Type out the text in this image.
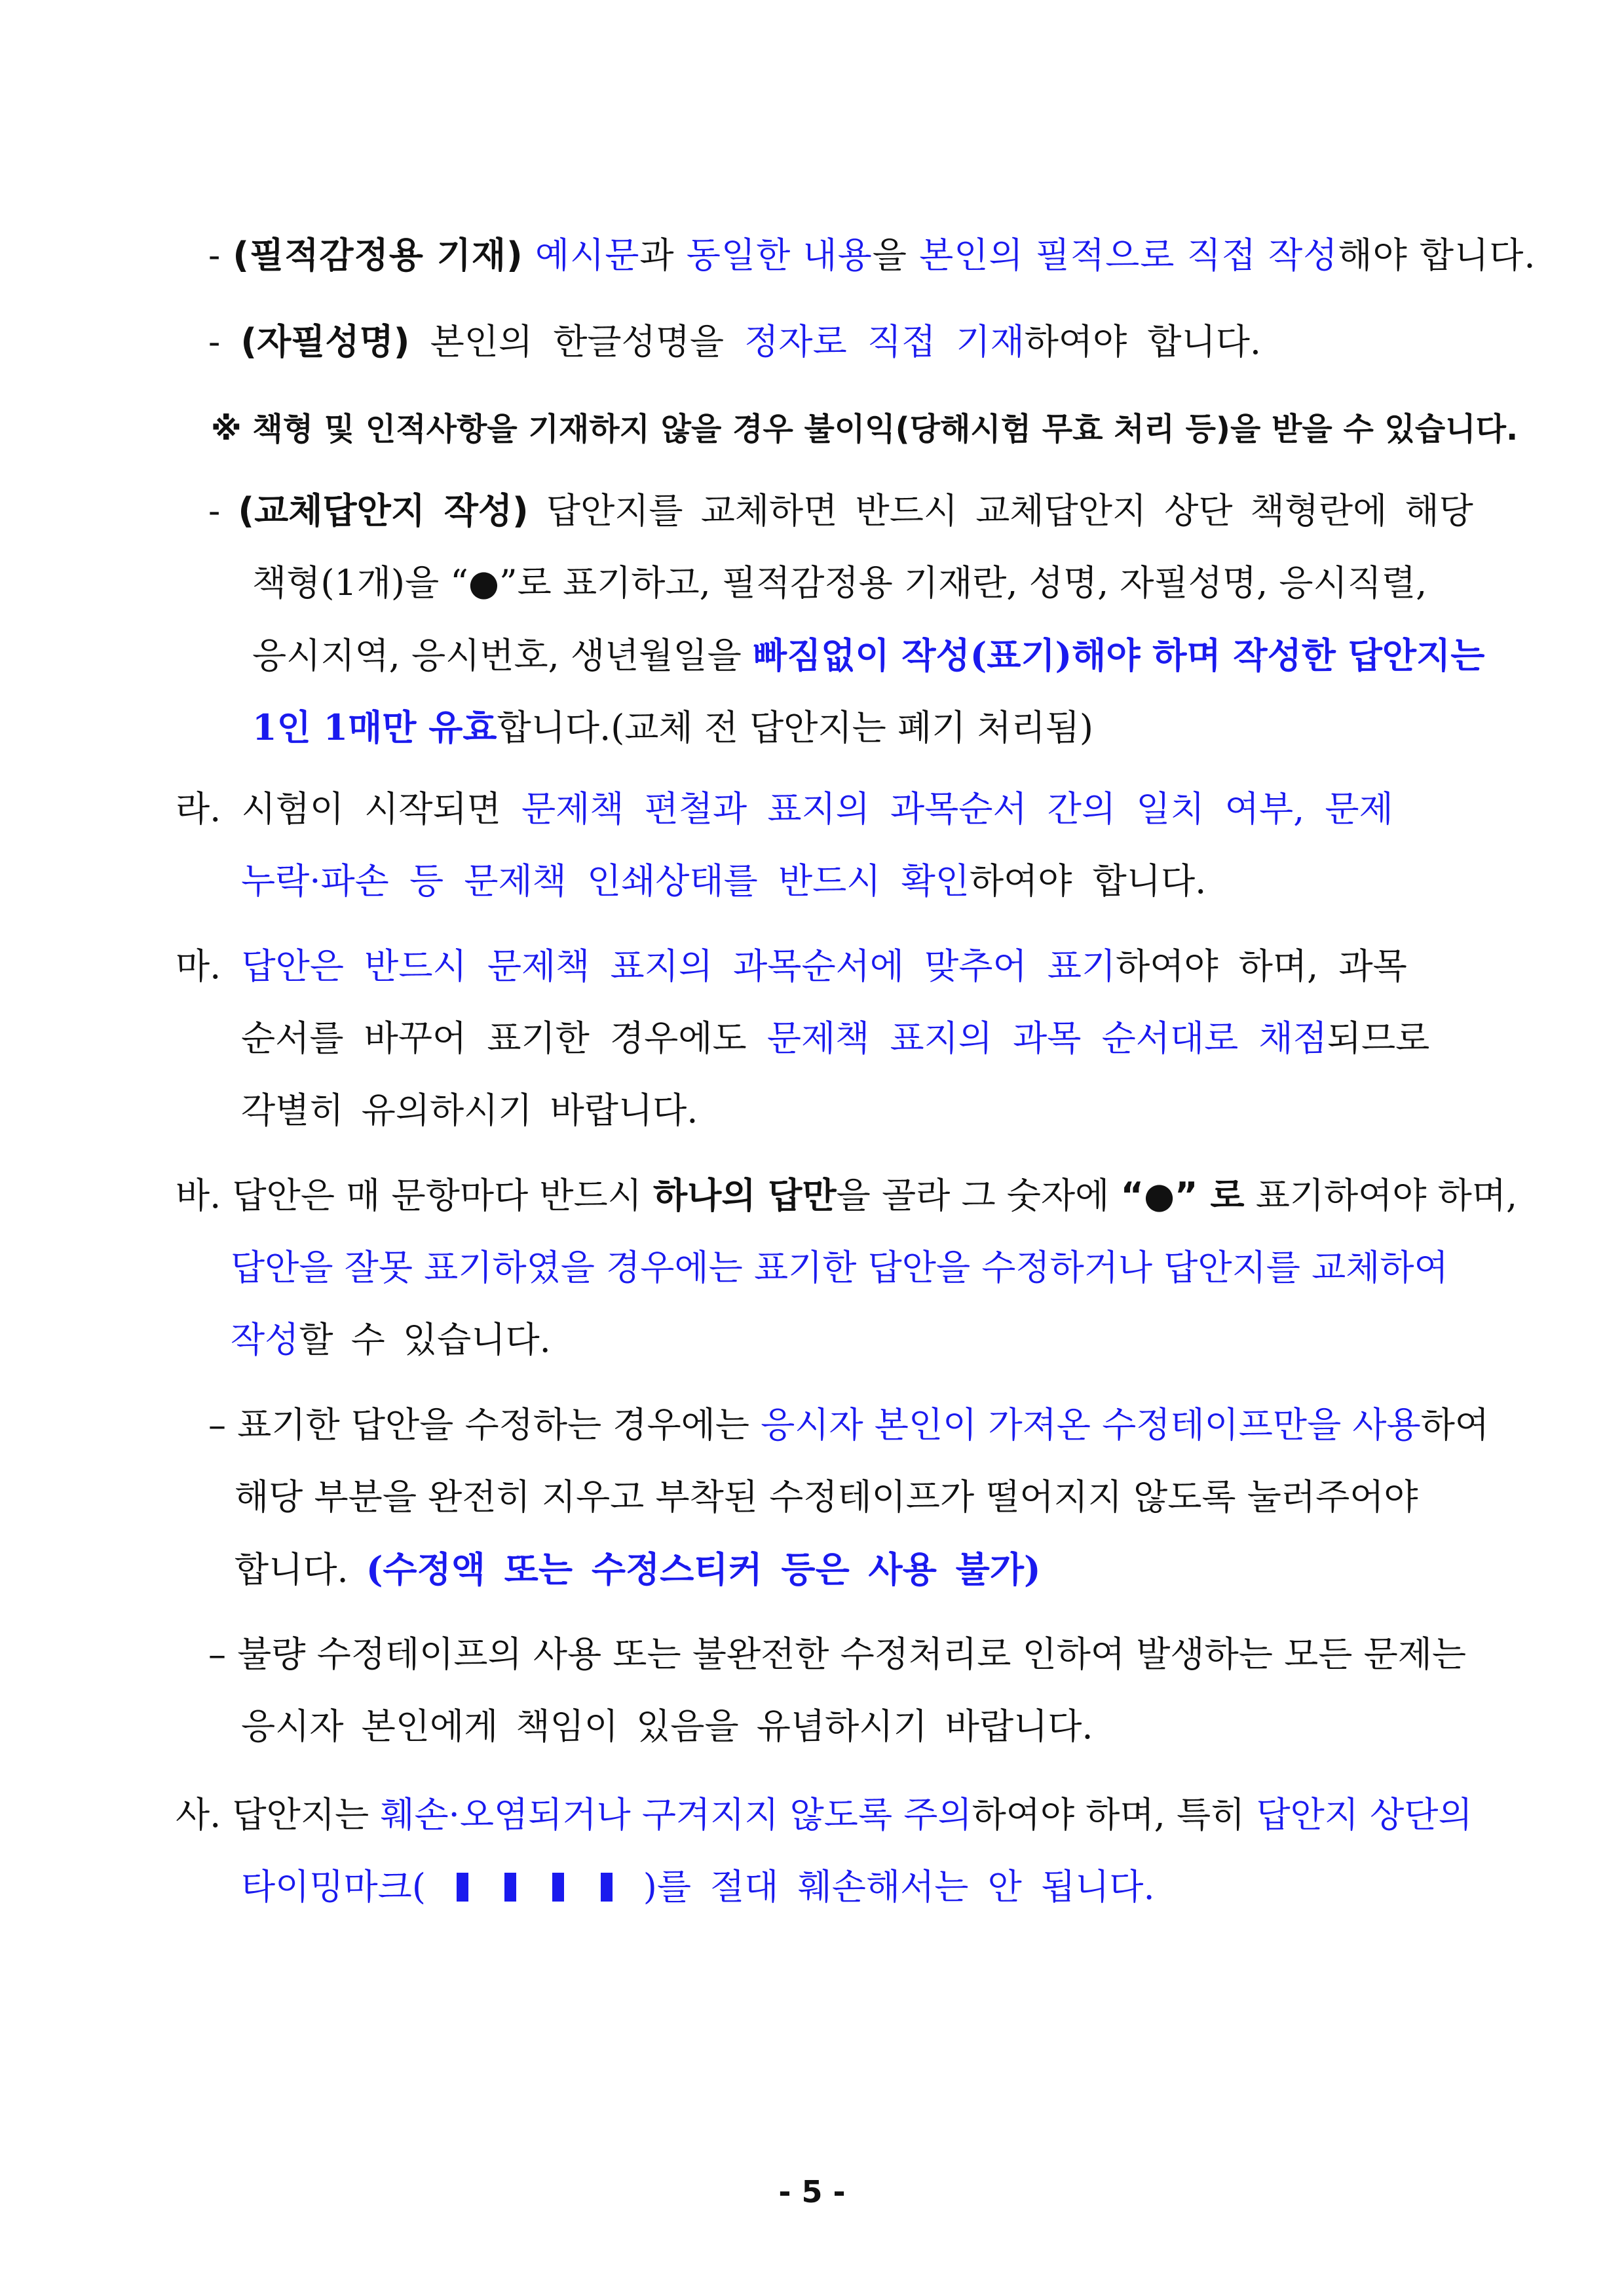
- (필적감정용 기재) 예시문과 동일한 내용을 본인의 필적으로 직접 작성해야 합니다.
- (자필성명) 본인의 한글성명을 정자로 직접 기재하여야 합니다.
※ 책형 및 인적사항을 기재하지 않을 경우 불이익(당해시험 무효 처리 등)을 받을 수 있습니다.
- (교체답안지 작성) 답안지를 교체하면 반드시 교체답안지 상단 책형란에 해당
책형(1개)을 “●”로 표기하고, 필적감정용 기재란, 성명, 자필성명, 응시직렬,
응시지역, 응시번호, 생년월일을 빠짐없이 작성(표기)해야 하며 작성한 답안지는
1인 1매만 유효합니다.(교체 전 답안지는 폐기 처리됨)
라. 시험이 시작되면 문제책 편철과 표지의 과목순서 간의 일치 여부, 문제
누락·파손 등 문제책 인쇄상태를 반드시 확인하여야 합니다.
마. 답안은 반드시 문제책 표지의 과목순서에 맞추어 표기하여야 하며, 과목
순서를 바꾸어 표기한 경우에도 문제책 표지의 과목 순서대로 채점되므로
각별히 유의하시기 바랍니다.
바. 답안은 매 문항마다 반드시 하나의 답만을 골라 그 숫자에 “●” 로 표기하여야 하며,
답안을 잘못 표기하였을 경우에는 표기한 답안을 수정하거나 답안지를 교체하여
작성할 수 있습니다.
– 표기한 답안을 수정하는 경우에는 응시자 본인이 가져온 수정테이프만을 사용하여
해당 부분을 완전히 지우고 부착된 수정테이프가 떨어지지 않도록 눌러주어야
합니다. (수정액 또는 수정스티커 등은 사용 불가)
– 불량 수정테이프의 사용 또는 불완전한 수정처리로 인하여 발생하는 모든 문제는
응시자 본인에게 책임이 있음을 유념하시기 바랍니다.
사. 답안지는 훼손·오염되거나 구겨지지 않도록 주의하여야 하며, 특히 답안지 상단의
타이밍마크(	)를 절대 훼손해서는 안 됩니다.
- 5 -
